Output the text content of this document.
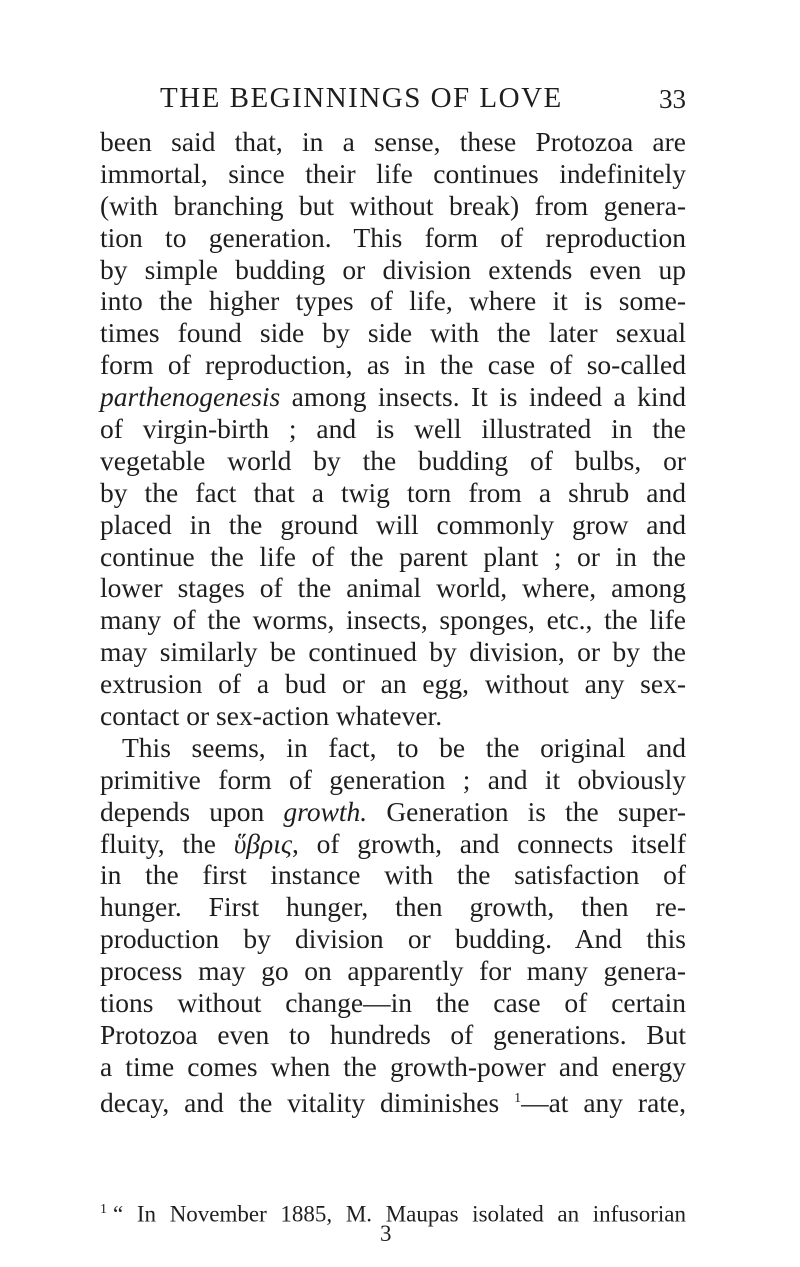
THE BEGINNINGS OF LOVE	33
been said that, in a sense, these Protozoa are
immortal, since their life continues indefinitely
(with branching but without break) from genera-
tion to generation. This form of reproduction
by simple budding or division extends even up
into the higher types of life, where it is some-
times found side by side with the later sexual
form of reproduction, as in the case of so-called
parthenogenesis among insects. It is indeed a kind
of virgin-birth ; and is well illustrated in the
vegetable world by the budding of bulbs, or
by the fact that a twig torn from a shrub and
placed in the ground will commonly grow and
continue the life of the parent plant ; or in the
lower stages of the animal world, where, among
many of the worms, insects, sponges, etc., the life
may similarly be continued by division, or by the
extrusion of a bud or an egg, without any sex-
contact or sex-action whatever.
This seems, in fact, to be the original and
primitive form of generation ; and it obviously
depends upon growth. Generation is the super-
fluity, the ὕβρις, of growth, and connects itself
in the first instance with the satisfaction of
hunger. First hunger, then growth, then re-
production by division or budding. And this
process may go on apparently for many genera-
tions without change—in the case of certain
Protozoa even to hundreds of generations. But
a time comes when the growth-power and energy
decay, and the vitality diminishes $^1$—at any rate,
$^1$ “ In November 1885, M. Maupas isolated an infusorian
3
